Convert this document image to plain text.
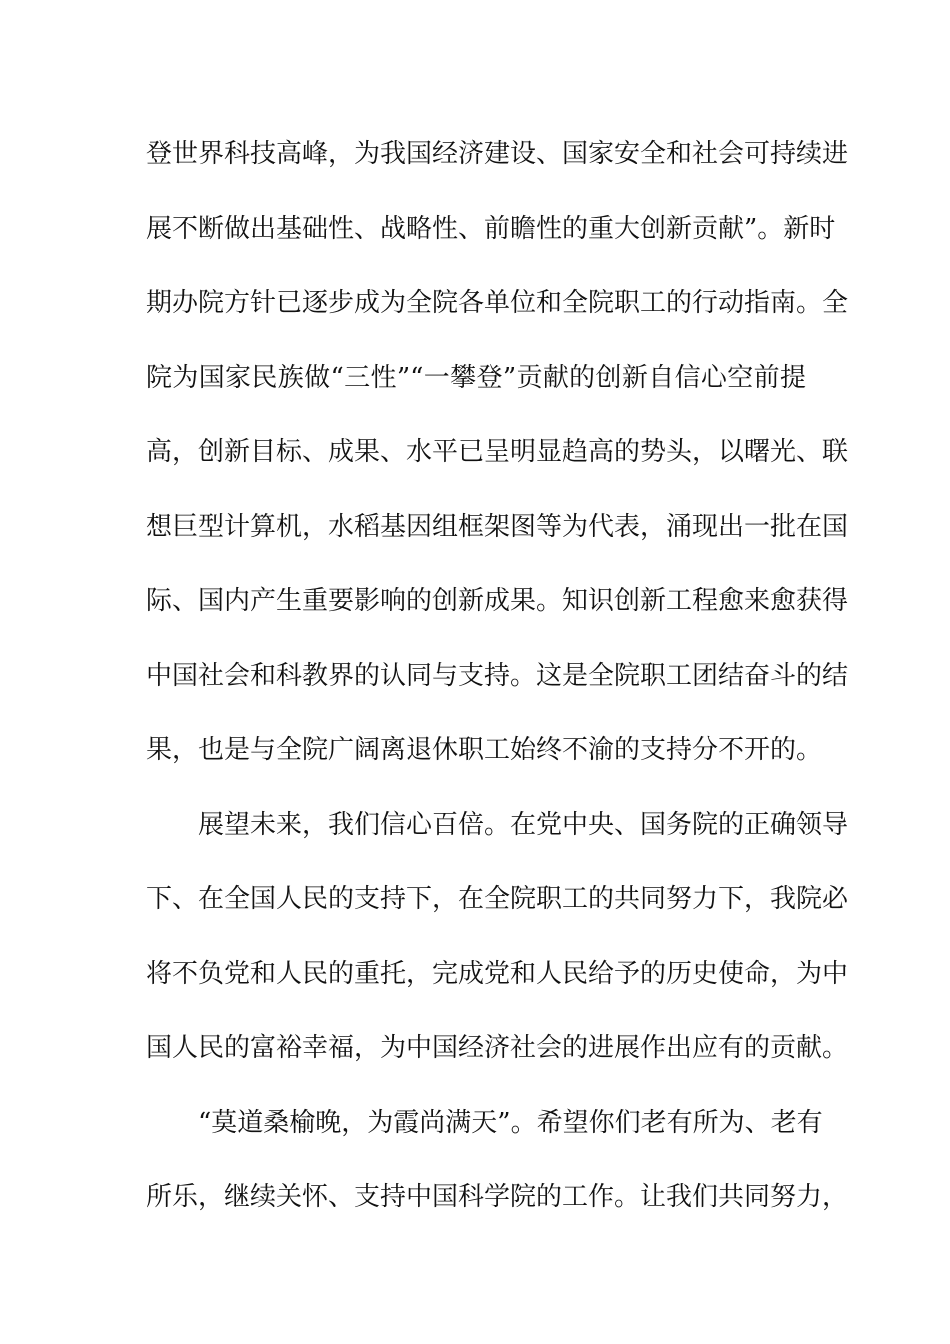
登世界科技高峰，为我国经济建设、国家安全和社会可持续进
展不断做出基础性、战略性、前瞻性的重大创新贡献”。新时
期办院方针已逐步成为全院各单位和全院职工的行动指南。全
院为国家民族做“三性”“一攀登”贡献的创新自信心空前提
高，创新目标、成果、水平已呈明显趋高的势头，以曙光、联
想巨型计算机，水稻基因组框架图等为代表，涌现出一批在国
际、国内产生重要影响的创新成果。知识创新工程愈来愈获得
中国社会和科教界的认同与支持。这是全院职工团结奋斗的结
果，也是与全院广阔离退休职工始终不渝的支持分不开的。
展望未来，我们信心百倍。在党中央、国务院的正确领导
下、在全国人民的支持下，在全院职工的共同努力下，我院必
将不负党和人民的重托，完成党和人民给予的历史使命，为中
国人民的富裕幸福，为中国经济社会的进展作出应有的贡献。
“莫道桑榆晚，为霞尚满天”。希望你们老有所为、老有
所乐，继续关怀、支持中国科学院的工作。让我们共同努力，
